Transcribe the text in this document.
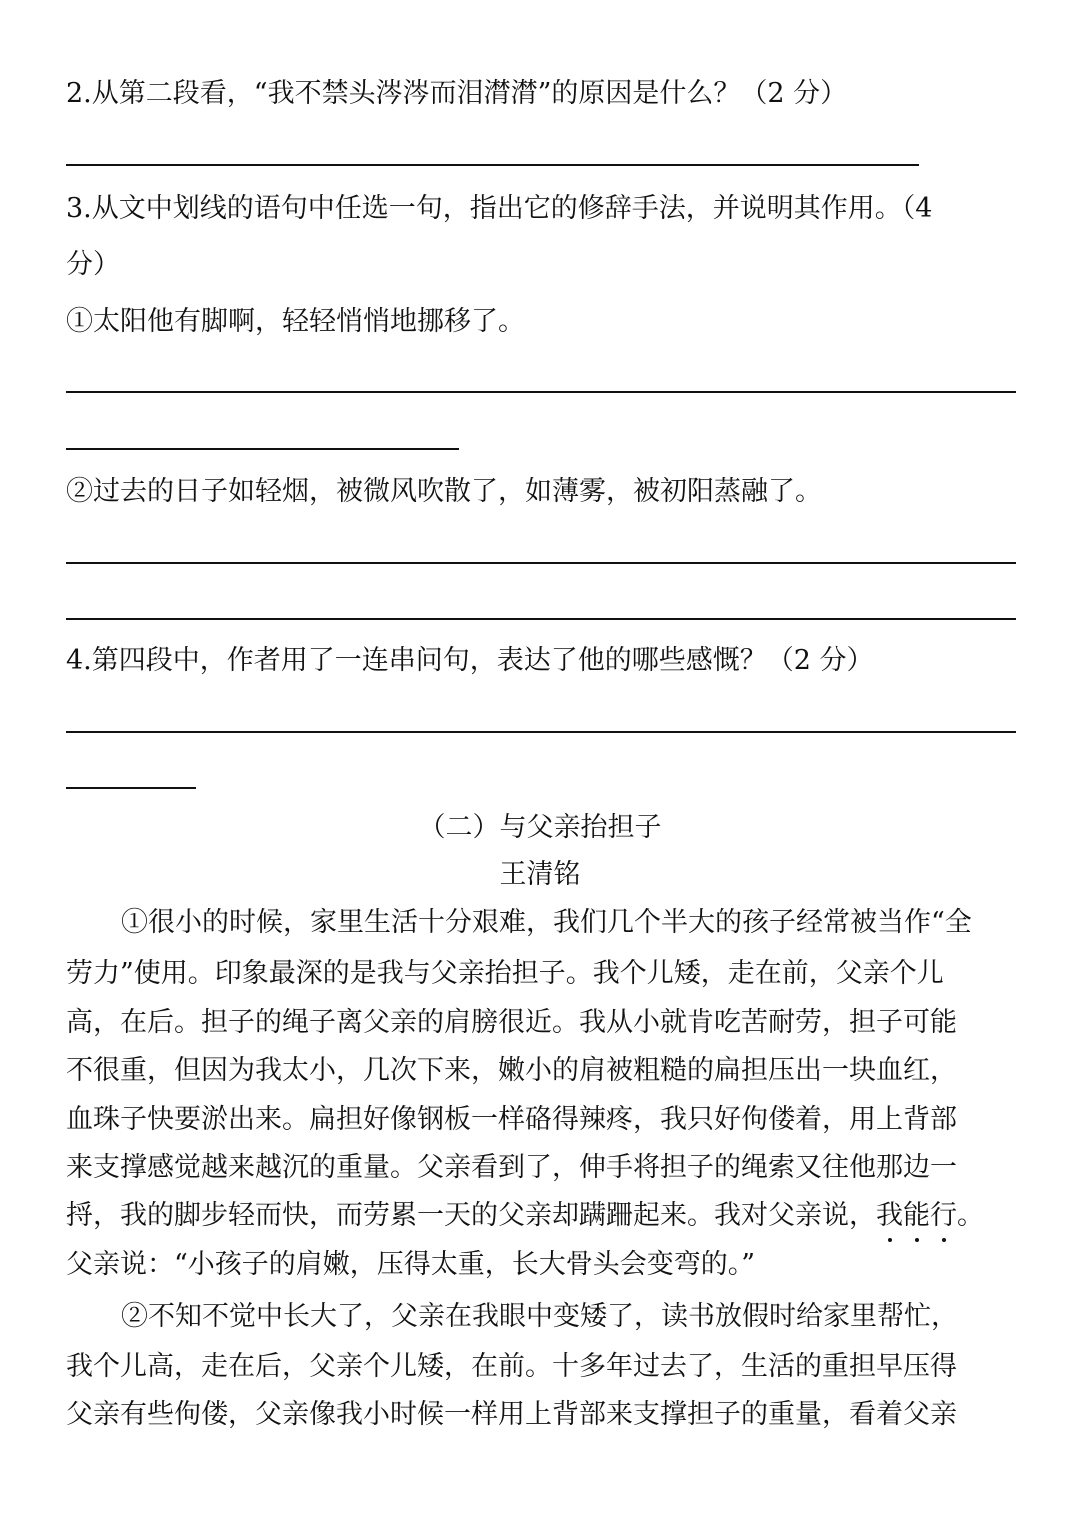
2.从第二段看，“我不禁头涔涔而泪潸潸”的原因是什么？（2 分）
3.从文中划线的语句中任选一句，指出它的修辞手法，并说明其作用。（4
分）
①太阳他有脚啊，轻轻悄悄地挪移了。
②过去的日子如轻烟，被微风吹散了，如薄雾，被初阳蒸融了。
4.第四段中，作者用了一连串问句，表达了他的哪些感慨？（2 分）
（二）与父亲抬担子
王清铭
①很小的时候，家里生活十分艰难，我们几个半大的孩子经常被当作“全
劳力”使用。印象最深的是我与父亲抬担子。我个儿矮，走在前，父亲个儿
高，在后。担子的绳子离父亲的肩膀很近。我从小就肯吃苦耐劳，担子可能
不很重，但因为我太小，几次下来，嫩小的肩被粗糙的扁担压出一块血红，
血珠子快要淤出来。扁担好像钢板一样硌得辣疼，我只好佝偻着，用上背部
来支撑感觉越来越沉的重量。父亲看到了，伸手将担子的绳索又往他那边一
捋，我的脚步轻而快，而劳累一天的父亲却蹒跚起来。我对父亲说，我能行。
父亲说：“小孩子的肩嫩，压得太重，长大骨头会变弯的。”
②不知不觉中长大了，父亲在我眼中变矮了，读书放假时给家里帮忙，
我个儿高，走在后，父亲个儿矮，在前。十多年过去了，生活的重担早压得
父亲有些佝偻，父亲像我小时候一样用上背部来支撑担子的重量，看着父亲
